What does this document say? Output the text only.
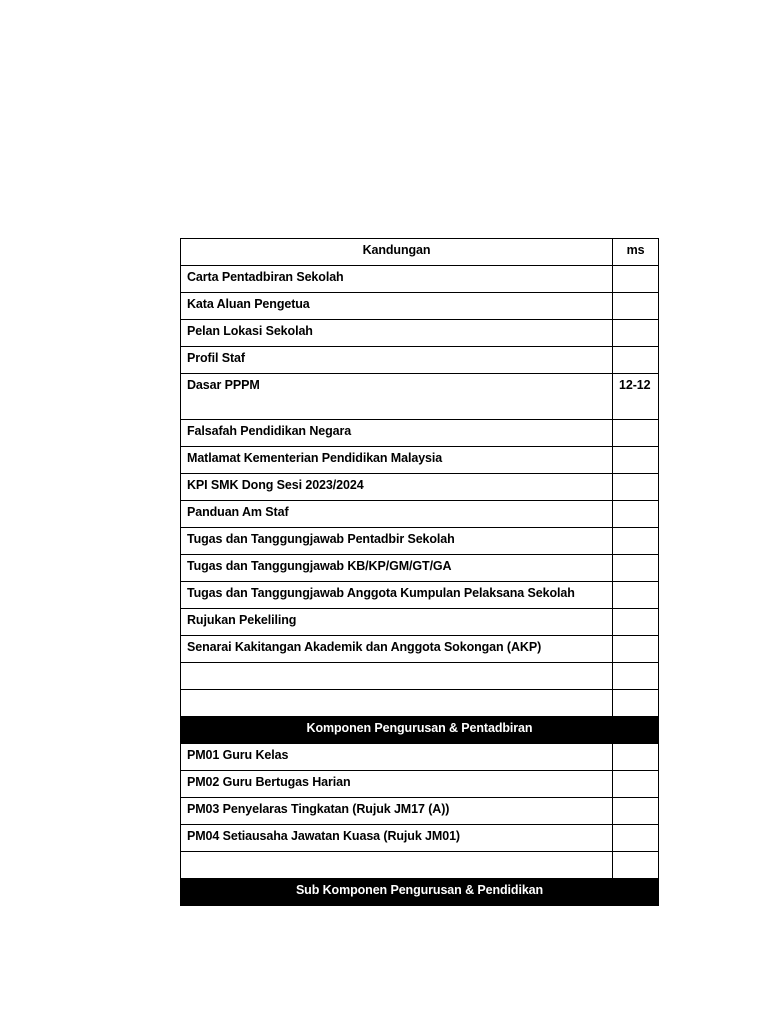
Kandungan	ms
Carta Pentadbiran Sekolah	
Kata Aluan Pengetua	
Pelan Lokasi Sekolah	
Profil Staf	
Dasar PPPM	12-12
Falsafah Pendidikan Negara	
Matlamat Kementerian Pendidikan Malaysia	
KPI SMK Dong Sesi 2023/2024	
Panduan Am Staf	
Tugas dan Tanggungjawab Pentadbir Sekolah	
Tugas dan Tanggungjawab KB/KP/GM/GT/GA	
Tugas dan Tanggungjawab Anggota Kumpulan Pelaksana Sekolah	
Rujukan Pekeliling	
Senarai Kakitangan Akademik dan Anggota Sokongan (AKP)	

Komponen Pengurusan & Pentadbiran	
PM01 Guru Kelas	
PM02 Guru Bertugas Harian	
PM03 Penyelaras Tingkatan (Rujuk JM17 (A))	
PM04 Setiausaha Jawatan Kuasa (Rujuk JM01)	

Sub Komponen Pengurusan & Pendidikan	
